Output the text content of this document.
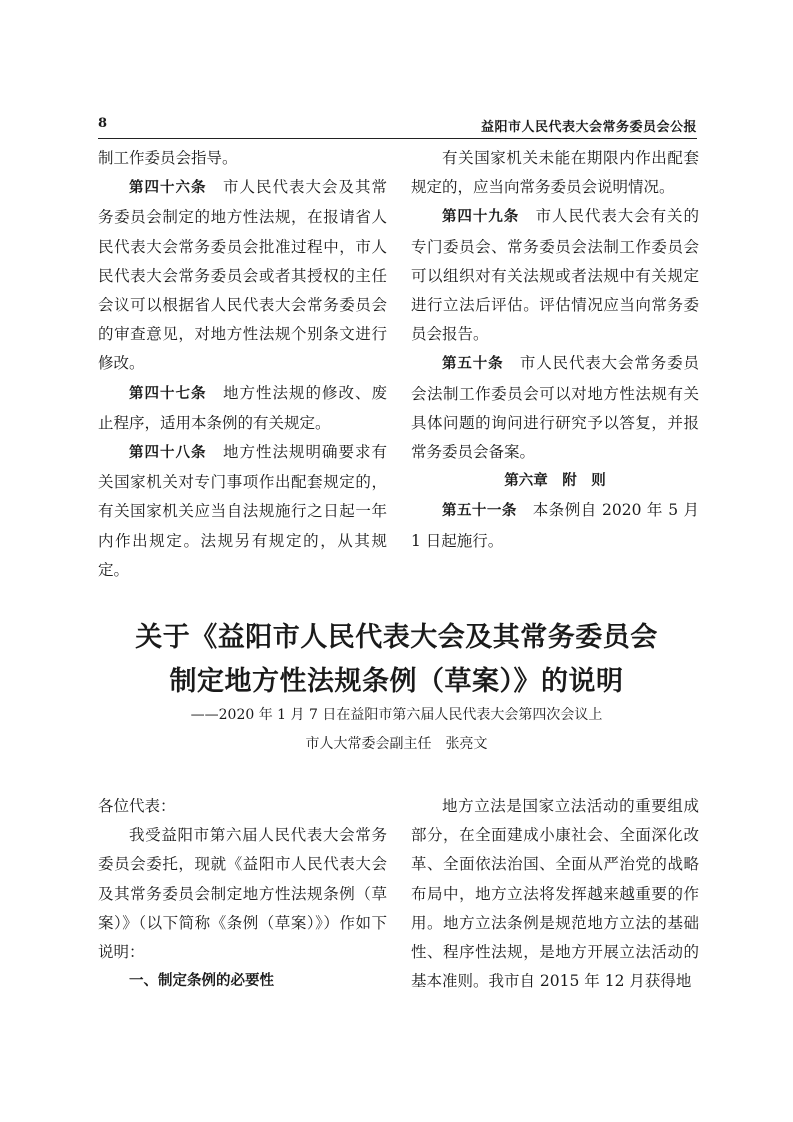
8	益阳市人民代表大会常务委员会公报

制工作委员会指导。

第四十六条　 市人民代表大会及其常务委员会制定的地方性法规，在报请省人民代表大会常务委员会批准过程中，市人民代表大会常务委员会或者其授权的主任会议可以根据省人民代表大会常务委员会的审查意见，对地方性法规个别条文进行修改。

第四十七条　 地方性法规的修改、废止程序，适用本条例的有关规定。

第四十八条　 地方性法规明确要求有关国家机关对专门事项作出配套规定的，有关国家机关应当自法规施行之日起一年内作出规定。法规另有规定的，从其规定。

有关国家机关未能在期限内作出配套规定的，应当向常务委员会说明情况。

第四十九条　 市人民代表大会有关的专门委员会、常务委员会法制工作委员会可以组织对有关法规或者法规中有关规定进行立法后评估。评估情况应当向常务委员会报告。

第五十条　 市人民代表大会常务委员会法制工作委员会可以对地方性法规有关具体问题的询问进行研究予以答复，并报常务委员会备案。

第六章　附　则

第五十一条　 本条例自 2020 年 5 月 1 日起施行。

关于《益阳市人民代表大会及其常务委员会
制定地方性法规条例（草案）》的说明
——2020 年 1 月 7 日在益阳市第六届人民代表大会第四次会议上
市人大常委会副主任　张亮文

各位代表：

我受益阳市第六届人民代表大会常务委员会委托，现就《益阳市人民代表大会及其常务委员会制定地方性法规条例（草案）》（以下简称《条例（草案）》）作如下说明：

一、制定条例的必要性

地方立法是国家立法活动的重要组成部分，在全面建成小康社会、全面深化改革、全面依法治国、全面从严治党的战略布局中，地方立法将发挥越来越重要的作用。地方立法条例是规范地方立法的基础性、程序性法规，是地方开展立法活动的基本准则。我市自 2015 年 12 月获得地
